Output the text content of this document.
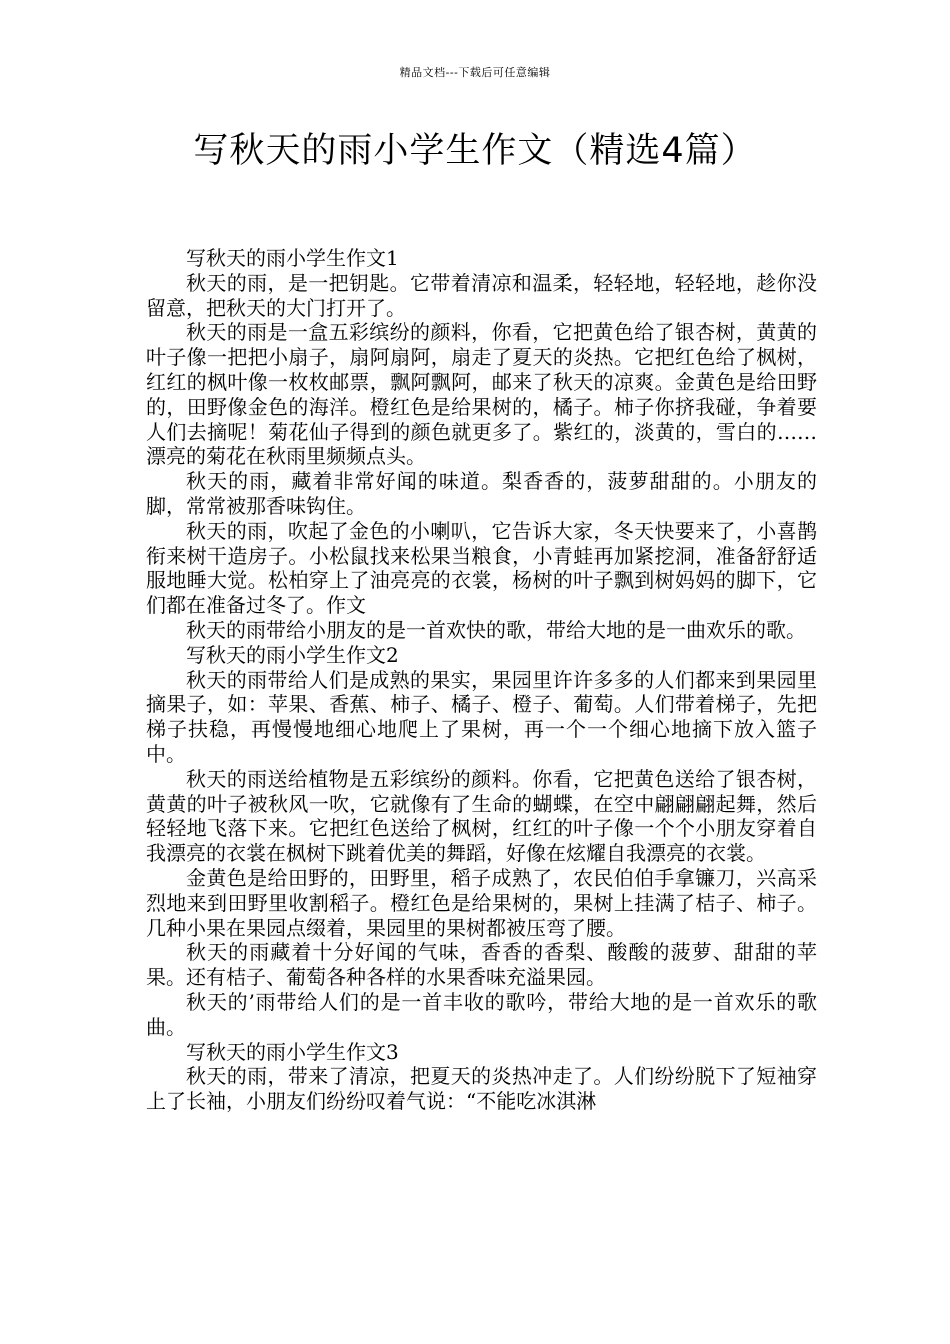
精品文档---下载后可任意编辑
写秋天的雨小学生作文（精选4篇）

写秋天的雨小学生作文1

秋天的雨，是一把钥匙。它带着清凉和温柔，轻轻地，轻轻地，趁你没留意，把秋天的大门打开了。

秋天的雨是一盒五彩缤纷的颜料，你看，它把黄色给了银杏树，黄黄的叶子像一把把小扇子，扇阿扇阿，扇走了夏天的炎热。它把红色给了枫树，红红的枫叶像一枚枚邮票，飘阿飘阿，邮来了秋天的凉爽。金黄色是给田野的，田野像金色的海洋。橙红色是给果树的，橘子。柿子你挤我碰，争着要人们去摘呢！菊花仙子得到的颜色就更多了。紫红的，淡黄的，雪白的……漂亮的菊花在秋雨里频频点头。

秋天的雨，藏着非常好闻的味道。梨香香的，菠萝甜甜的。小朋友的脚，常常被那香味钩住。

秋天的雨，吹起了金色的小喇叭，它告诉大家，冬天快要来了，小喜鹊衔来树干造房子。小松鼠找来松果当粮食，小青蛙再加紧挖洞，准备舒舒适服地睡大觉。松柏穿上了油亮亮的衣裳，杨树的叶子飘到树妈妈的脚下，它们都在准备过冬了。作文

秋天的雨带给小朋友的是一首欢快的歌，带给大地的是一曲欢乐的歌。

写秋天的雨小学生作文2

秋天的雨带给人们是成熟的果实，果园里许许多多的人们都来到果园里摘果子，如：苹果、香蕉、柿子、橘子、橙子、葡萄。人们带着梯子，先把梯子扶稳，再慢慢地细心地爬上了果树，再一个一个细心地摘下放入篮子中。

秋天的雨送给植物是五彩缤纷的颜料。你看，它把黄色送给了银杏树，黄黄的叶子被秋风一吹，它就像有了生命的蝴蝶，在空中翩翩翩起舞，然后轻轻地飞落下来。它把红色送给了枫树，红红的叶子像一个个小朋友穿着自我漂亮的衣裳在枫树下跳着优美的舞蹈，好像在炫耀自我漂亮的衣裳。

金黄色是给田野的，田野里，稻子成熟了，农民伯伯手拿镰刀，兴高采烈地来到田野里收割稻子。橙红色是给果树的，果树上挂满了桔子、柿子。几种小果在果园点缀着，果园里的果树都被压弯了腰。

秋天的雨藏着十分好闻的气味，香香的香梨、酸酸的菠萝、甜甜的苹果。还有桔子、葡萄各种各样的水果香味充溢果园。

秋天的’雨带给人们的是一首丰收的歌吟，带给大地的是一首欢乐的歌曲。

写秋天的雨小学生作文3

秋天的雨，带来了清凉，把夏天的炎热冲走了。人们纷纷脱下了短袖穿上了长袖，小朋友们纷纷叹着气说：“不能吃冰淇淋
